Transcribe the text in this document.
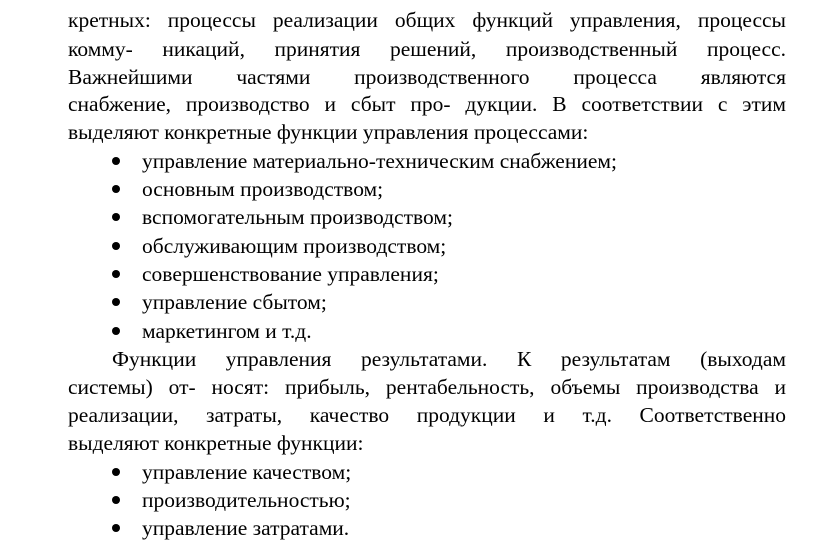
кретных: процессы реализации общих функций управления, процессы
комму- никаций, принятия решений, производственный процесс.
Важнейшими частями производственного процесса являются
снабжение, производство и сбыт про- дукции. В соответствии с этим
выделяют конкретные функции управления процессами:
управление материально-техническим снабжением;
основным производством;
вспомогательным производством;
обслуживающим производством;
совершенствование управления;
управление сбытом;
маркетингом и т.д.
Функции управления результатами. К результатам (выходам
системы) от- носят: прибыль, рентабельность, объемы производства и
реализации, затраты, качество продукции и т.д. Соответственно
выделяют конкретные функции:
управление качеством;
производительностью;
управление затратами.
